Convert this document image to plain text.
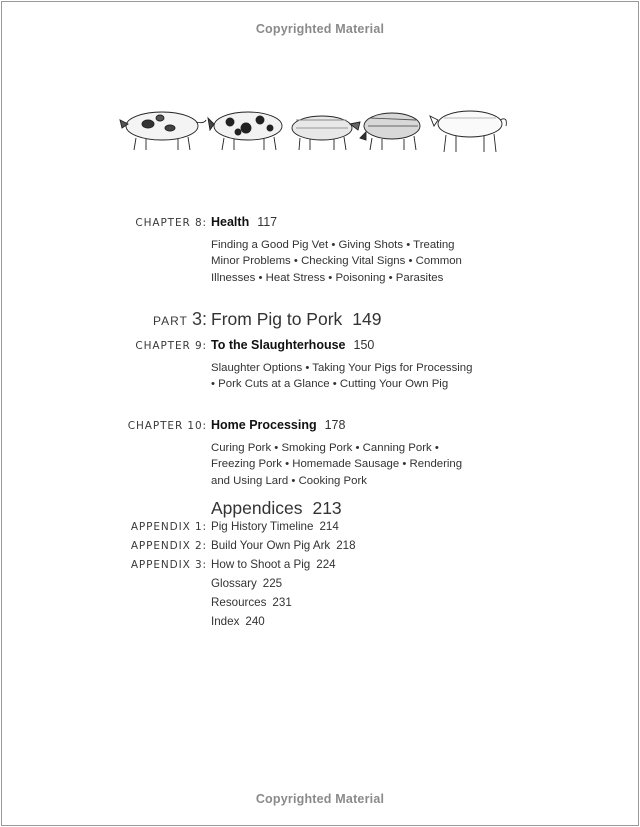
Copyrighted Material
CHAPTER 8: Health 117
Finding a Good Pig Vet • Giving Shots • Treating Minor Problems • Checking Vital Signs • Common Illnesses • Heat Stress • Poisoning • Parasites
PART 3: From Pig to Pork 149
CHAPTER 9: To the Slaughterhouse 150
Slaughter Options • Taking Your Pigs for Processing • Pork Cuts at a Glance • Cutting Your Own Pig
CHAPTER 10: Home Processing 178
Curing Pork • Smoking Pork • Canning Pork • Freezing Pork • Homemade Sausage • Rendering and Using Lard • Cooking Pork
Appendices 213
APPENDIX 1: Pig History Timeline 214
APPENDIX 2: Build Your Own Pig Ark 218
APPENDIX 3: How to Shoot a Pig 224
Glossary 225
Resources 231
Index 240
Copyrighted Material
